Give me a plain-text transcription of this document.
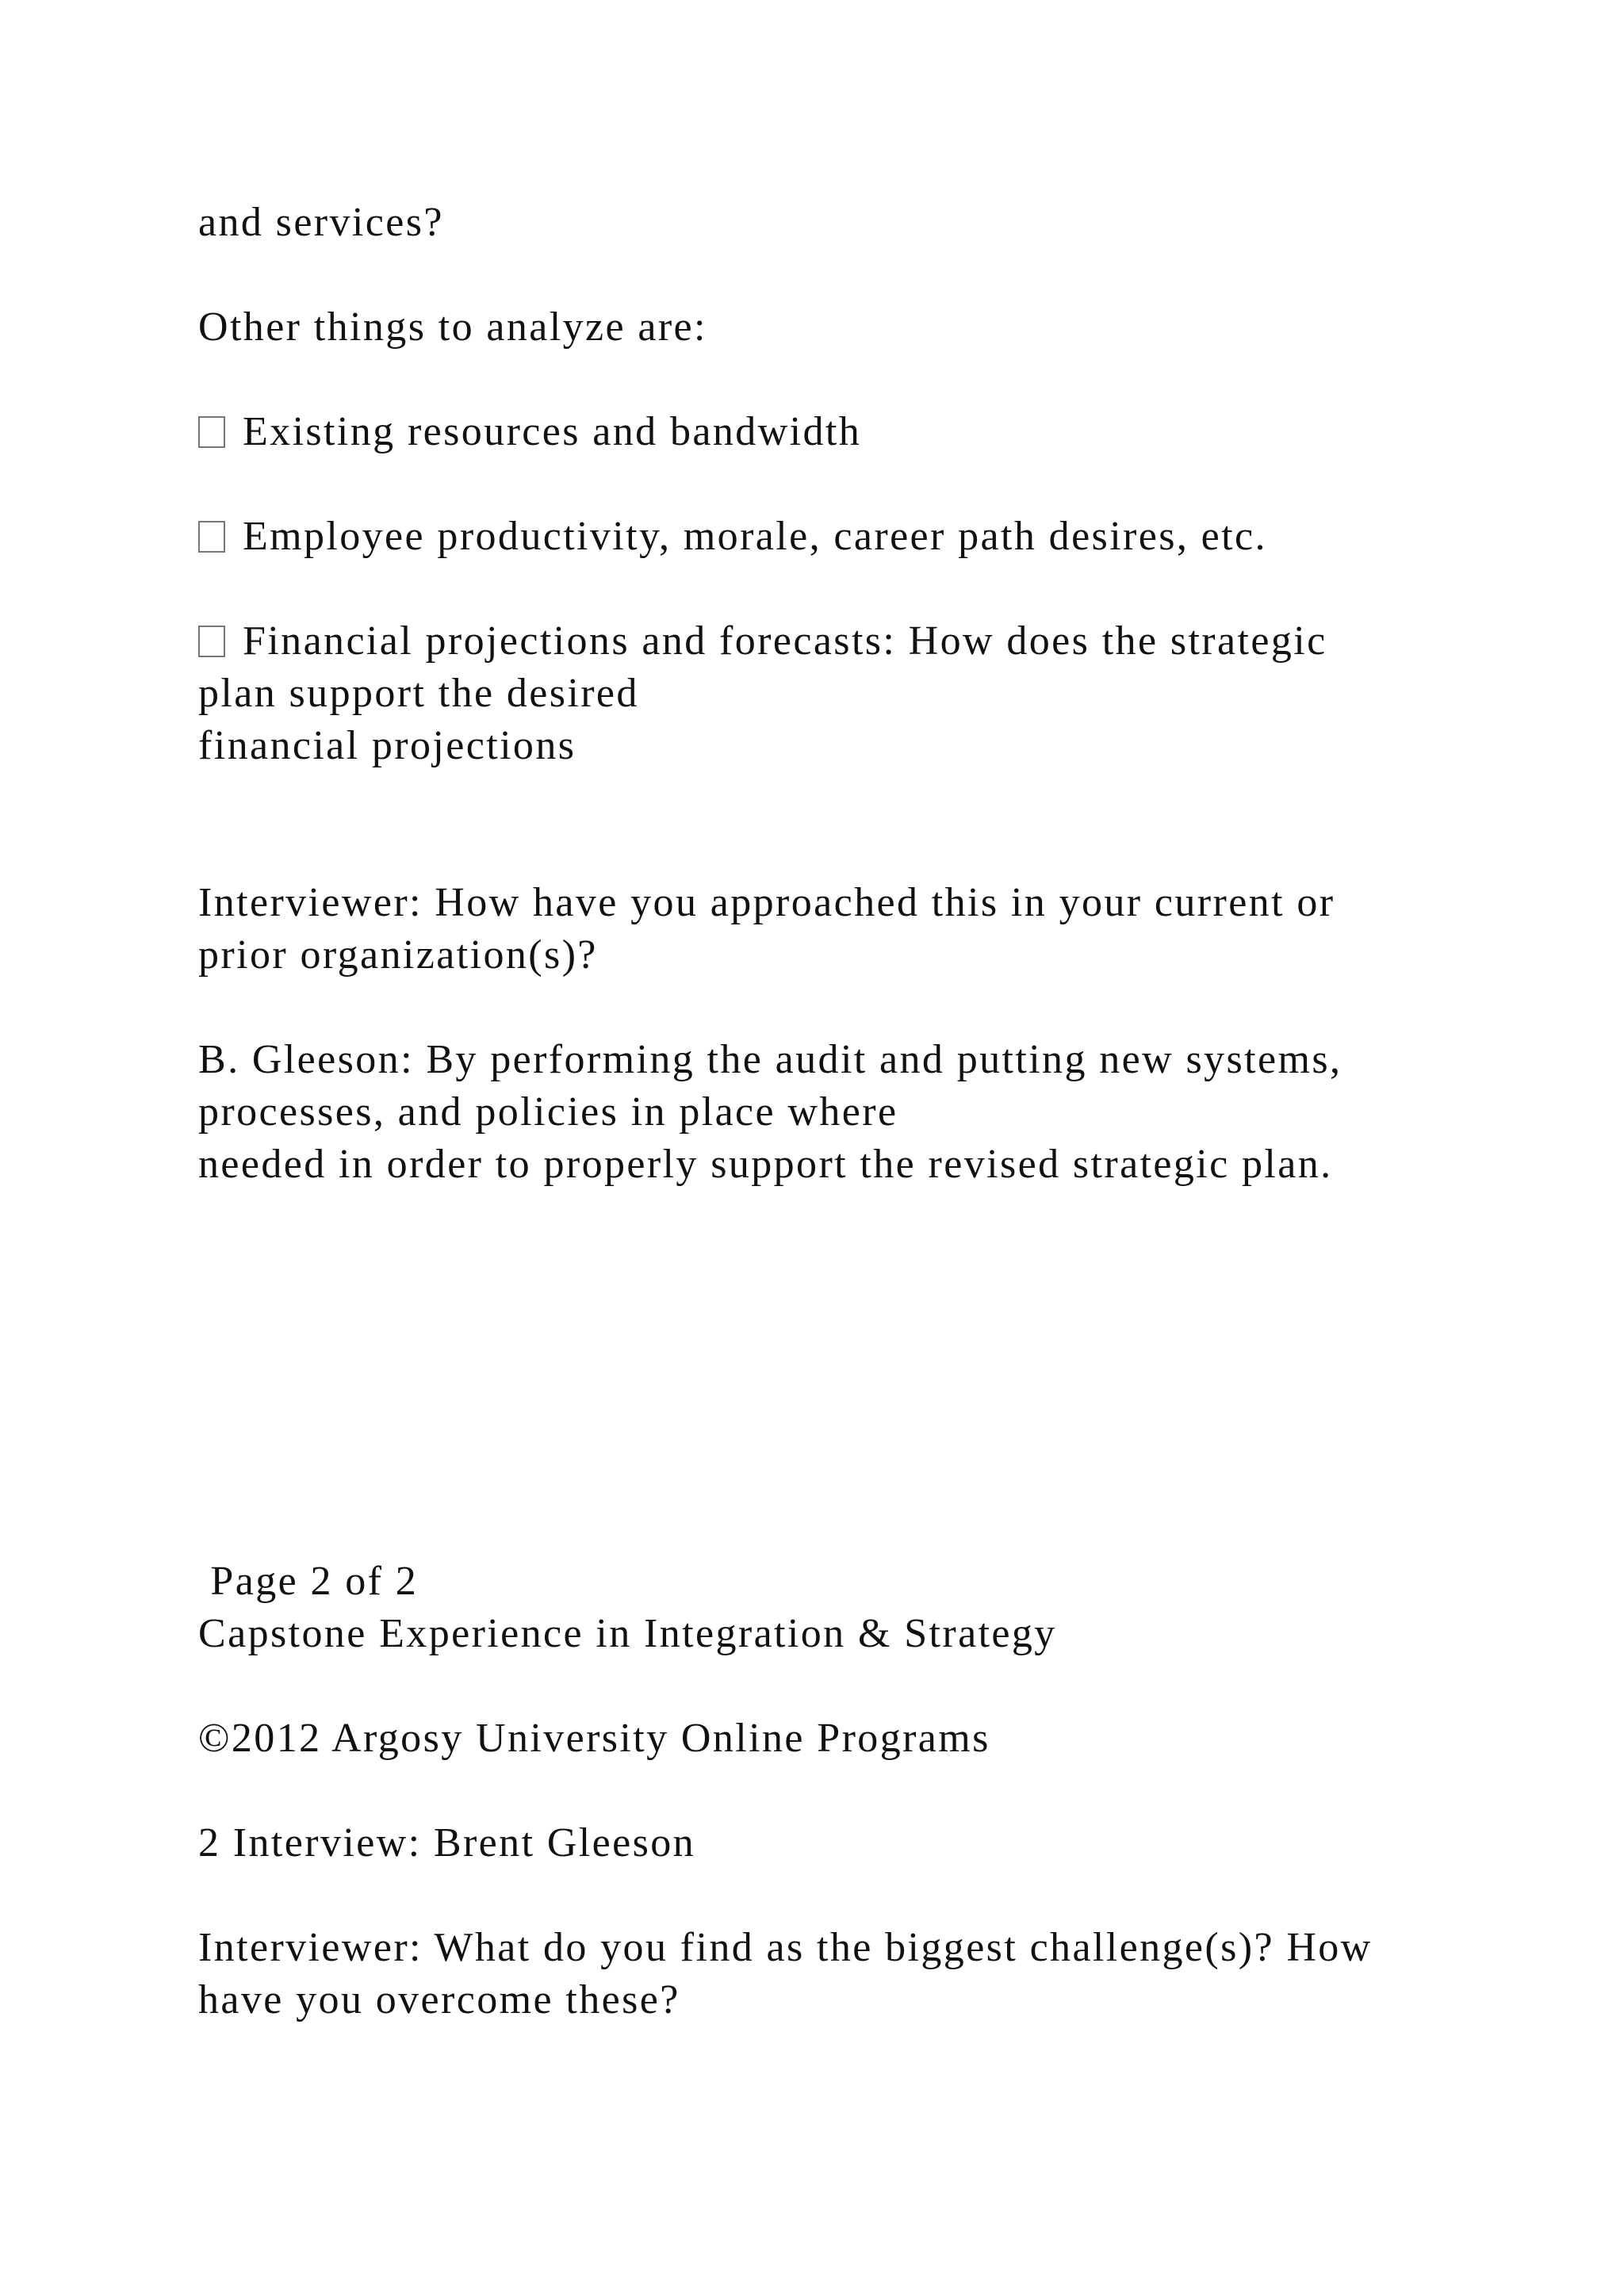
and services?

Other things to analyze are:

Existing resources and bandwidth

Employee productivity, morale, career path desires, etc.

Financial projections and forecasts: How does the strategic

plan support the desired

financial projections

Interviewer: How have you approached this in your current or

prior organization(s)?

B. Gleeson: By performing the audit and putting new systems,

processes, and policies in place where

needed in order to properly support the revised strategic plan.

Page 2 of 2

Capstone Experience in Integration & Strategy

©2012 Argosy University Online Programs

2 Interview: Brent Gleeson

Interviewer: What do you find as the biggest challenge(s)? How

have you overcome these?
